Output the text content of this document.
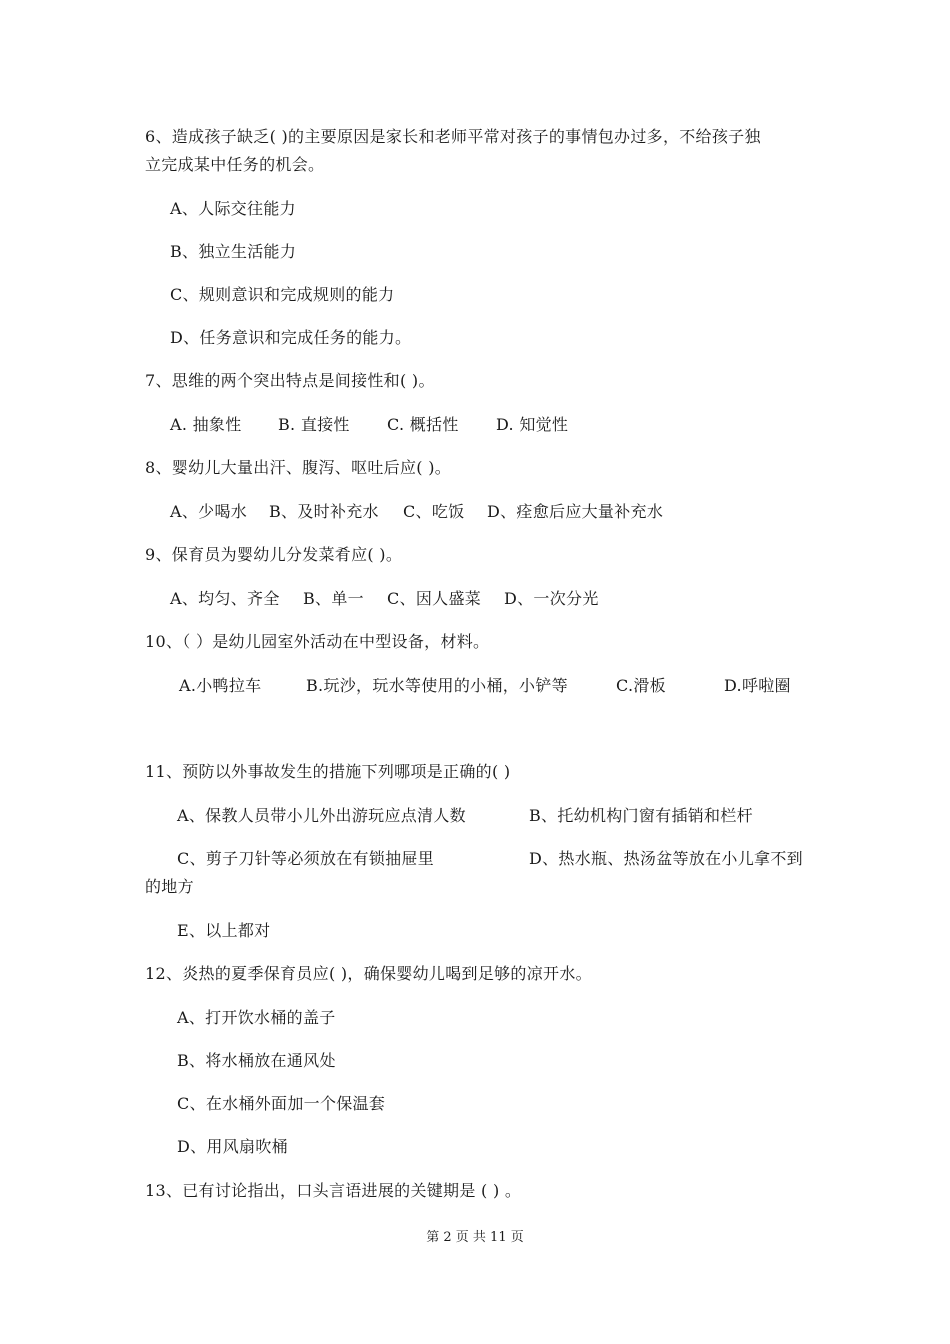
6、造成孩子缺乏( )的主要原因是家长和老师平常对孩子的事情包办过多，不给孩子独

立完成某中任务的机会。

A、人际交往能力

B、独立生活能力

C、规则意识和完成规则的能力

D、任务意识和完成任务的能力。

7、思维的两个突出特点是间接性和( )。

A. 抽象性 B. 直接性 C. 概括性 D. 知觉性

8、婴幼儿大量出汗、腹泻、呕吐后应( )。

A、少喝水 B、及时补充水 C、吃饭 D、痊愈后应大量补充水

9、保育员为婴幼儿分发菜肴应( )。

A、均匀、齐全 B、单一 C、因人盛菜 D、一次分光

10、（ ）是幼儿园室外活动在中型设备，材料。

A.小鸭拉车	B.玩沙，玩水等使用的小桶，小铲等	C.滑板	D.呼啦圈

11、预防以外事故发生的措施下列哪项是正确的( )

A、保教人员带小儿外出游玩应点清人数	B、托幼机构门窗有插销和栏杆
C、剪子刀针等必须放在有锁抽屉里	D、热水瓶、热汤盆等放在小儿拿不到

的地方

E、以上都对

12、炎热的夏季保育员应( )，确保婴幼儿喝到足够的凉开水。

A、打开饮水桶的盖子

B、将水桶放在通风处

C、在水桶外面加一个保温套

D、用风扇吹桶

13、已有讨论指出，口头言语进展的关键期是 ( ) 。

第 2 页 共 11 页
